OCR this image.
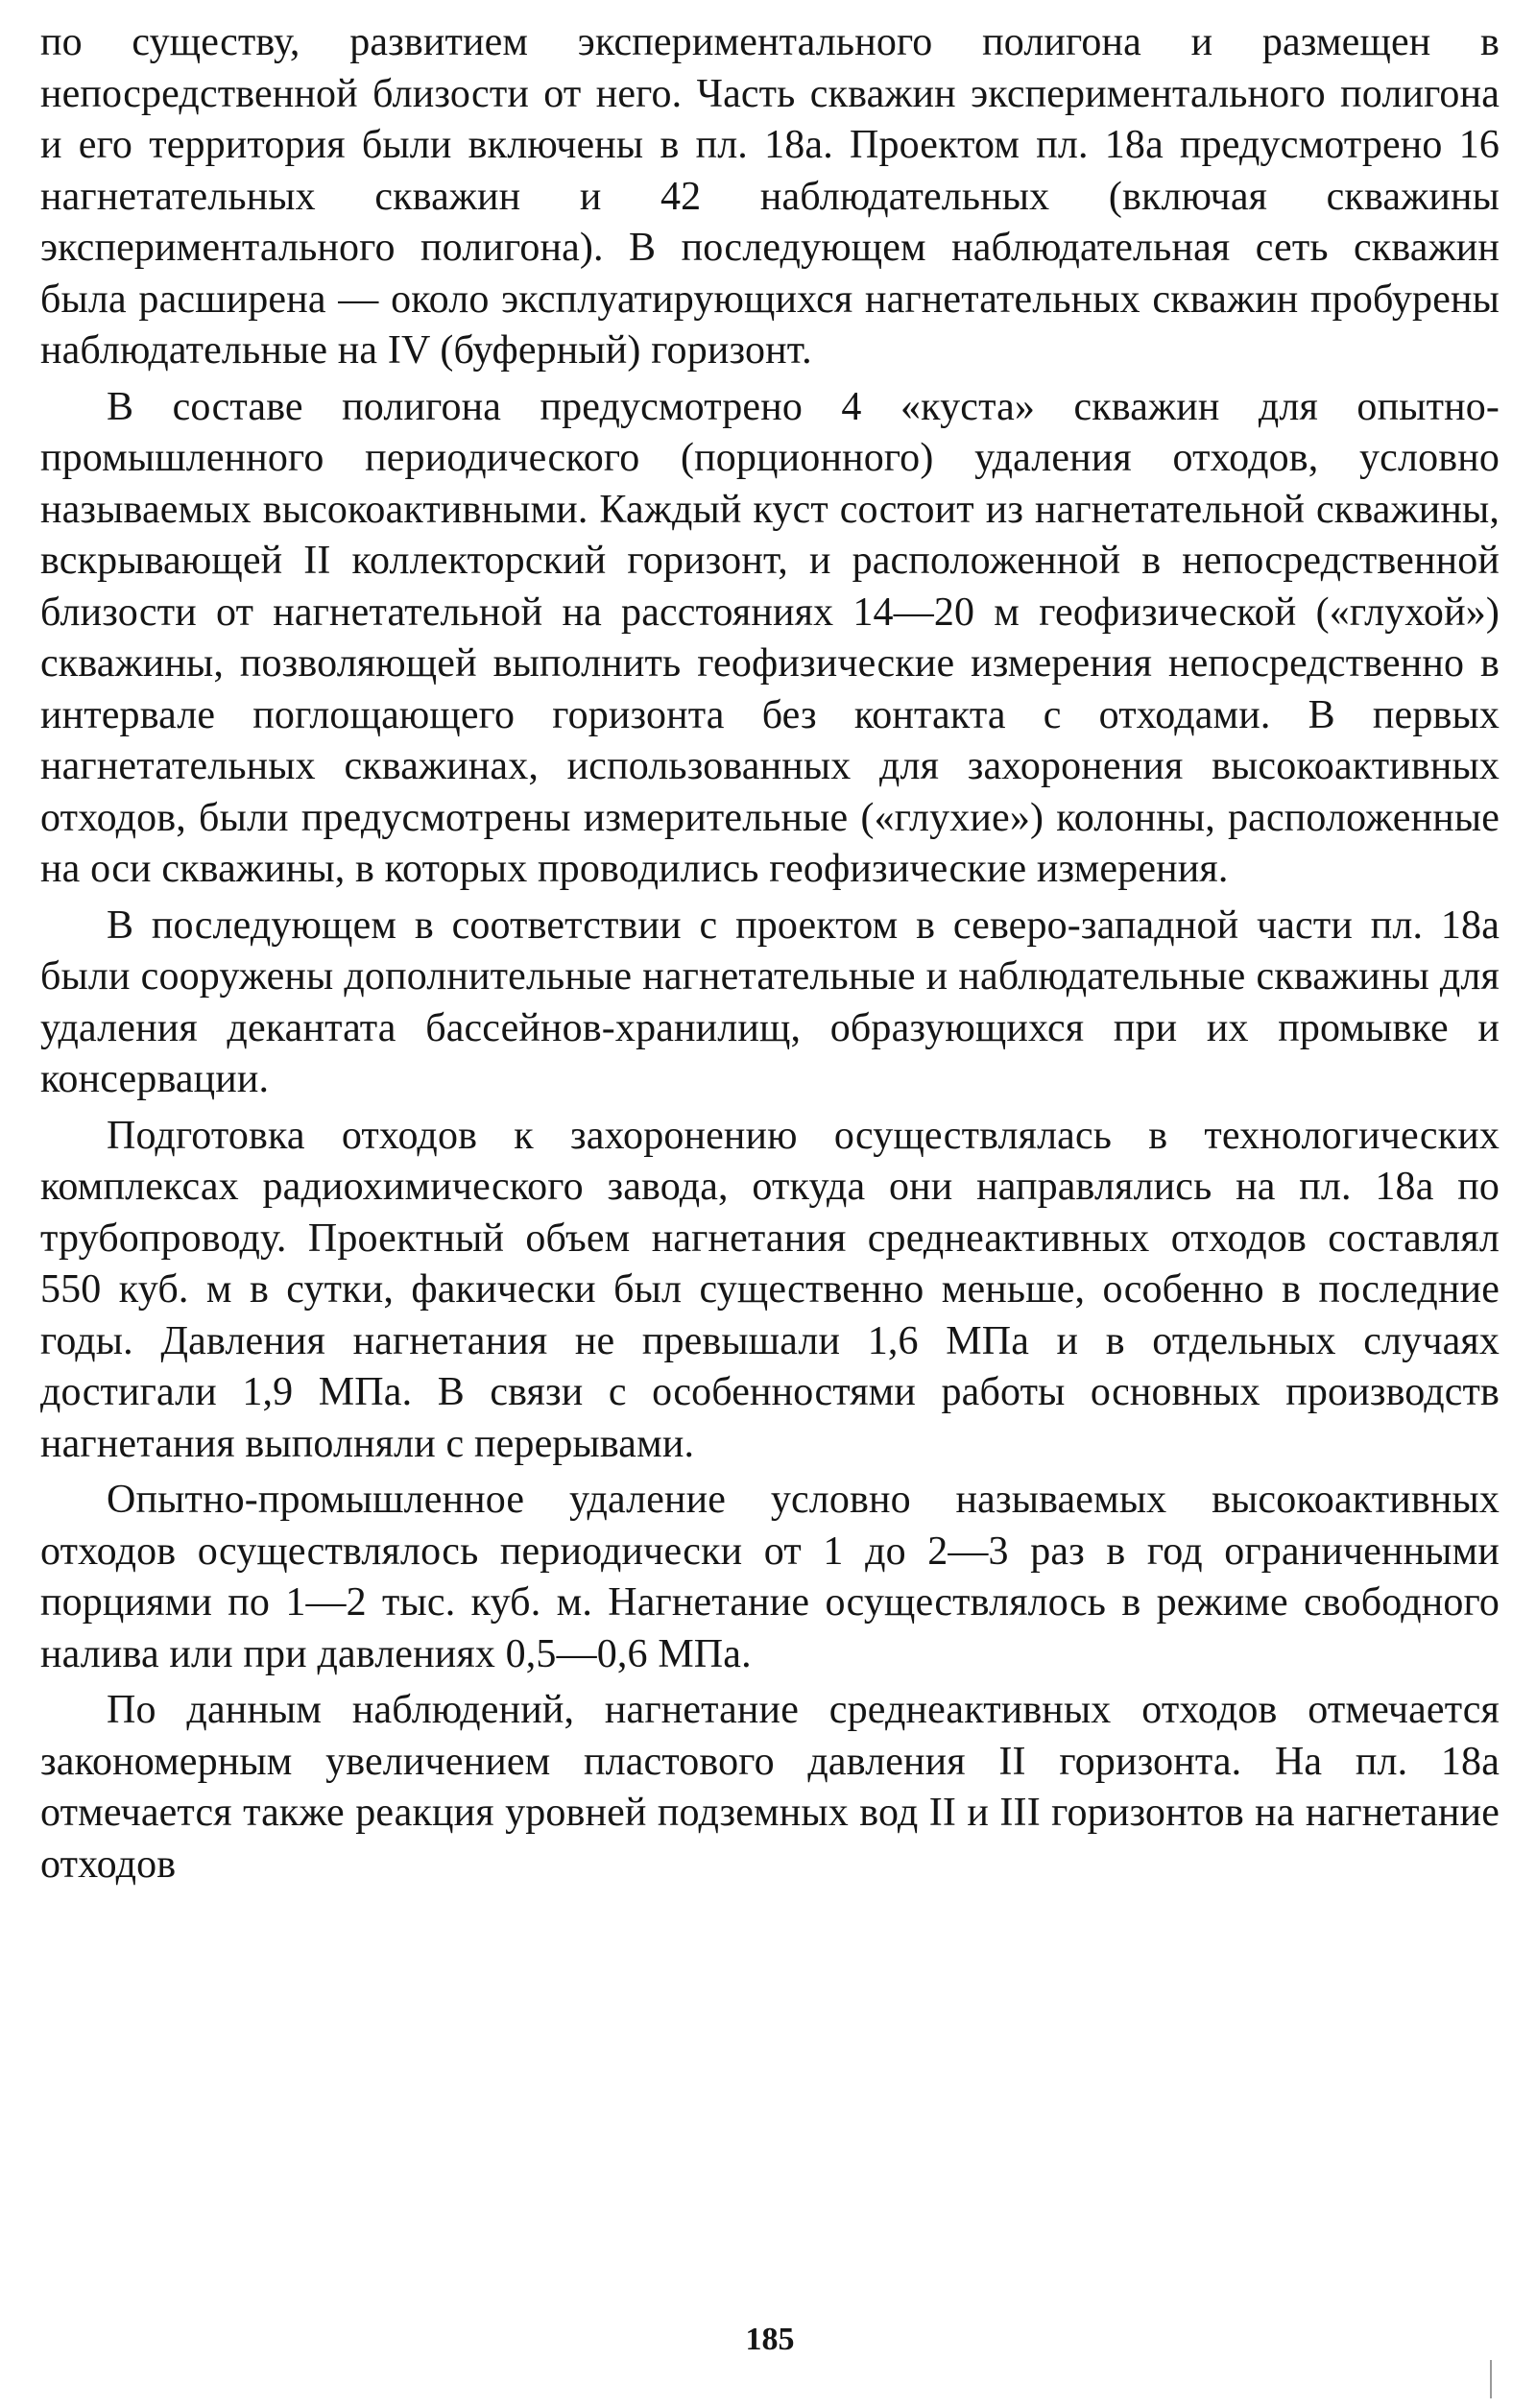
по существу, развитием экспериментального полигона и размещен в непосредственной близости от него. Часть скважин экспериментального полигона и его территория были включены в пл. 18а. Проектом пл. 18а предусмотрено 16 нагнетательных скважин и 42 наблюдательных (включая скважины экспериментального полигона). В последующем наблюдательная сеть скважин была расширена — около эксплуатирующихся нагнетательных скважин пробурены наблюдательные на IV (буферный) горизонт.

В составе полигона предусмотрено 4 «куста» скважин для опытно-промышленного периодического (порционного) удаления отходов, условно называемых высокоактивными. Каждый куст состоит из нагнетательной скважины, вскрывающей II коллекторский горизонт, и расположенной в непосредственной близости от нагнетательной на расстояниях 14—20 м геофизической («глухой») скважины, позволяющей выполнить геофизические измерения непосредственно в интервале поглощающего горизонта без контакта с отходами. В первых нагнетательных скважинах, использованных для захоронения высокоактивных отходов, были предусмотрены измерительные («глухие») колонны, расположенные на оси скважины, в которых проводились геофизические измерения.

В последующем в соответствии с проектом в северо-западной части пл. 18а были сооружены дополнительные нагнетательные и наблюдательные скважины для удаления декантата бассейнов-хранилищ, образующихся при их промывке и консервации.

Подготовка отходов к захоронению осуществлялась в технологических комплексах радиохимического завода, откуда они направлялись на пл. 18а по трубопроводу. Проектный объем нагнетания среднеактивных отходов составлял 550 куб. м в сутки, факически был существенно меньше, особенно в последние годы. Давления нагнетания не превышали 1,6 МПа и в отдельных случаях достигали 1,9 МПа. В связи с особенностями работы основных производств нагнетания выполняли с перерывами.

Опытно-промышленное удаление условно называемых высокоактивных отходов осуществлялось периодически от 1 до 2—3 раз в год ограниченными порциями по 1—2 тыс. куб. м. Нагнетание осуществлялось в режиме свободного налива или при давлениях 0,5—0,6 МПа.

По данным наблюдений, нагнетание среднеактивных отходов отмечается закономерным увеличением пластового давления II горизонта. На пл. 18а отмечается также реакция уровней подземных вод II и III горизонтов на нагнетание отходов

185
